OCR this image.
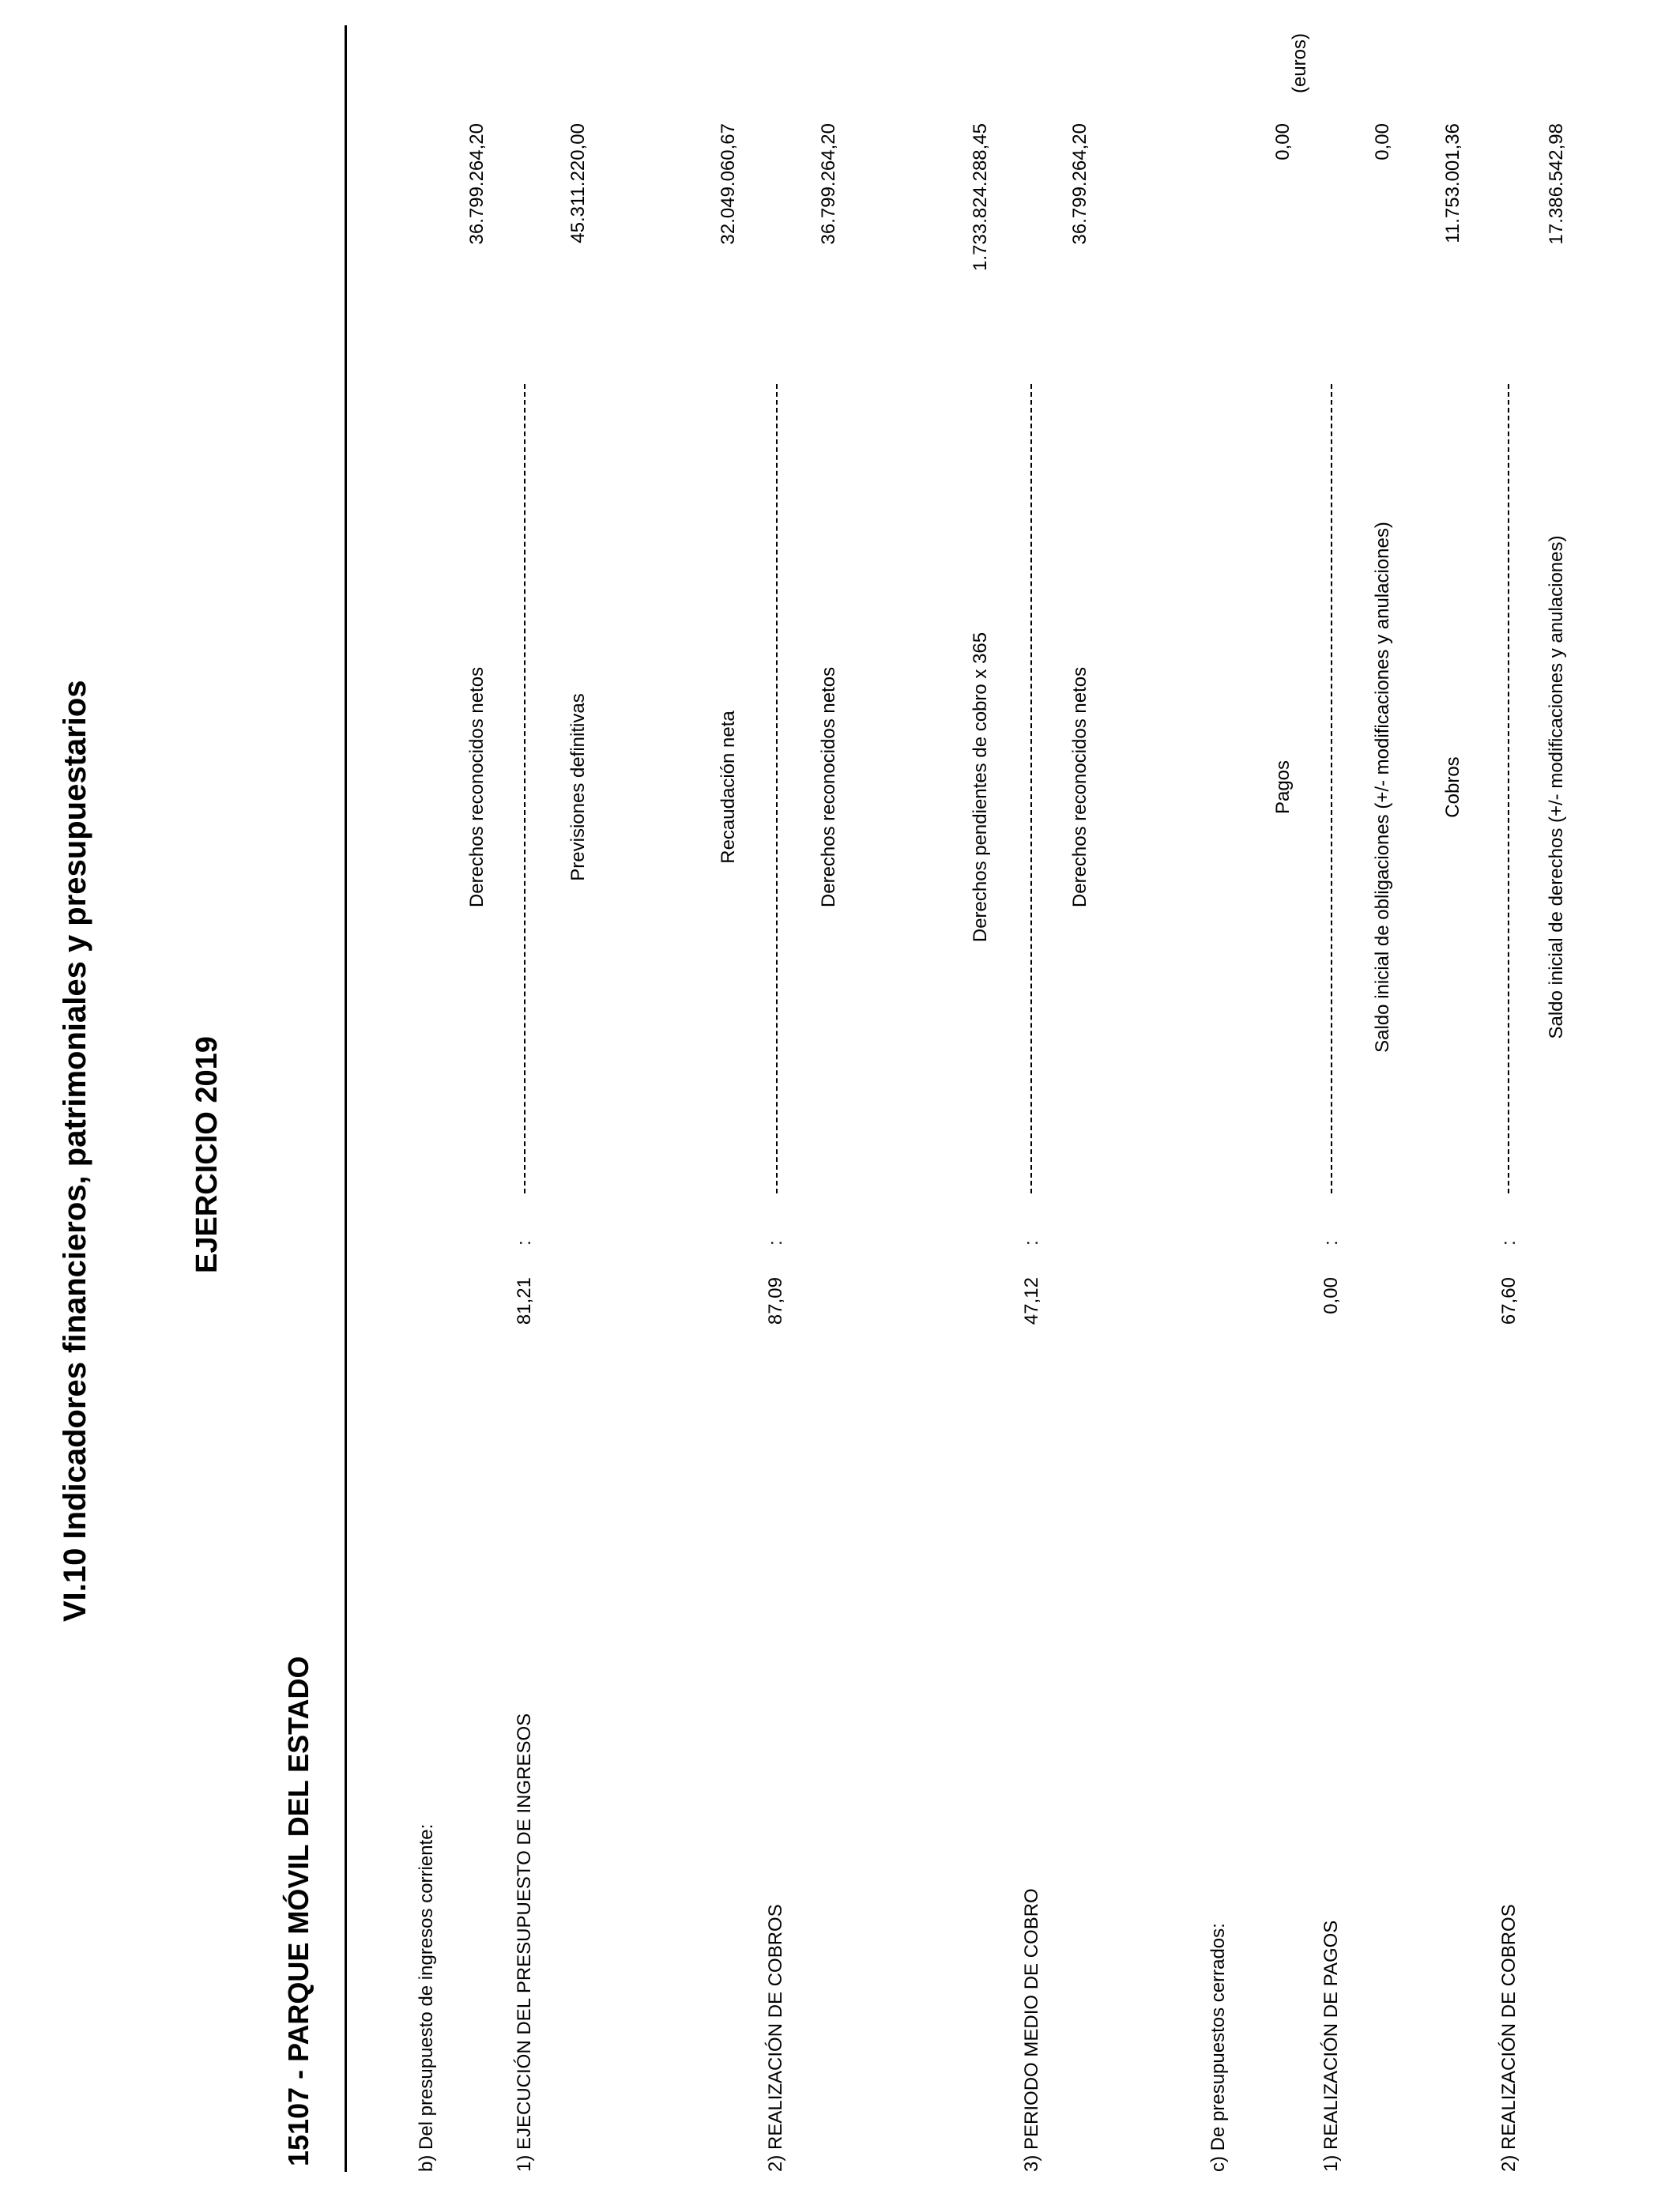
VI.10 Indicadores financieros, patrimoniales y presupuestarios	EJERCICIO 2019
15107 - PARQUE MÓVIL DEL ESTADO
(euros)
b) Del presupuesto de ingresos corriente:	1) EJECUCIÓN DEL PRESUPUESTO DE INGRESOS
81,21
:
Derechos reconocidos netos	Previsiones definitivas
36.799.264,20	45.311.220,00
2) REALIZACIÓN DE COBROS
87,09
:
Recaudación neta	Derechos reconocidos netos
32.049.060,67	36.799.264,20
3) PERIODO MEDIO DE COBRO
47,12
:
Derechos pendientes de cobro x 365	Derechos reconocidos netos
1.733.824.288,45	36.799.264,20
c) De presupuestos cerrados:	1) REALIZACIÓN DE PAGOS
0,00
:
Pagos	Saldo inicial de obligaciones (+/- modificaciones y anulaciones)
0,00	0,00
2) REALIZACIÓN DE COBROS
67,60
:
Cobros	Saldo inicial de derechos (+/- modificaciones y anulaciones)
11.753.001,36	17.386.542,98
